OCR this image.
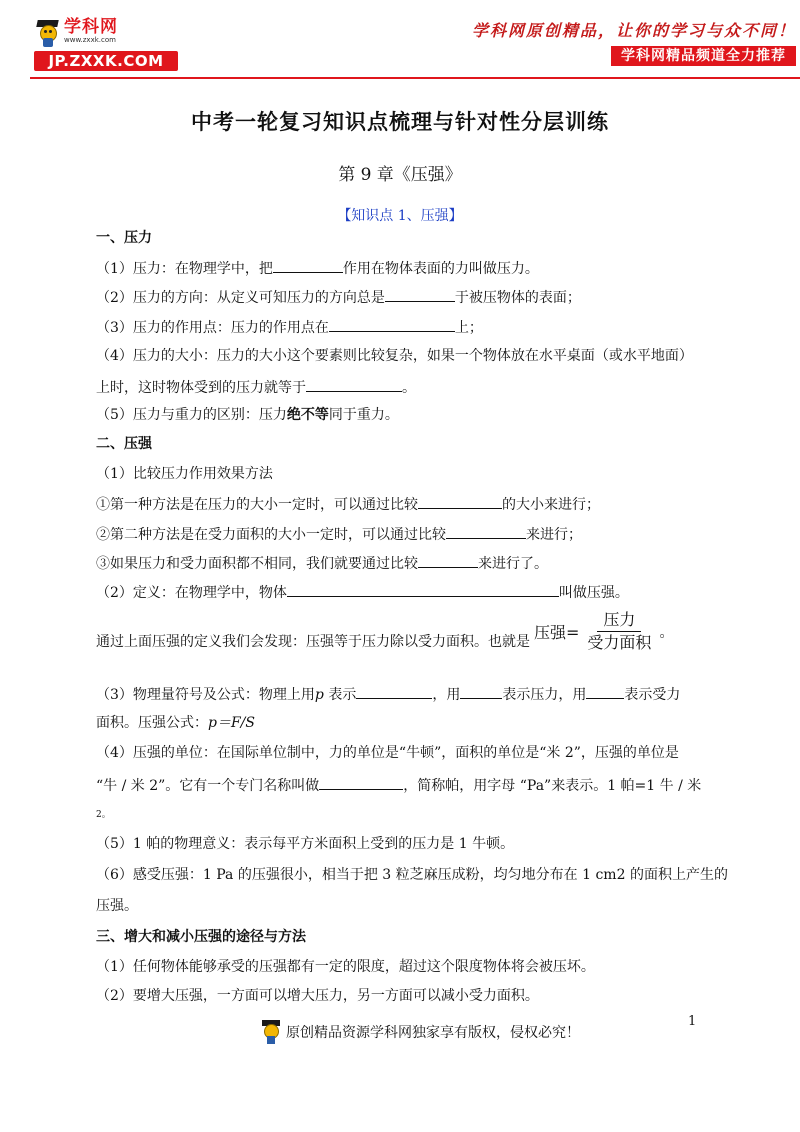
学科网
www.zxxk.com
JP.ZXXK.COM
学科网原创精品，让你的学习与众不同！
学科网精品频道全力推荐
中考一轮复习知识点梳理与针对性分层训练
第 9 章《压强》
【知识点 1、压强】
一、压力
（1）压力：在物理学中，把	作用在物体表面的力叫做压力。
（2）压力的方向：从定义可知压力的方向总是	于被压物体的表面；
（3）压力的作用点：压力的作用点在	上；
（4）压力的大小：压力的大小这个要素则比较复杂，如果一个物体放在水平桌面（或水平地面）
上时，这时物体受到的压力就等于	。
（5）压力与重力的区别：压力绝不等同于重力。
二、压强
（1）比较压力作用效果方法
①第一种方法是在压力的大小一定时，可以通过比较	的大小来进行；
②第二种方法是在受力面积的大小一定时，可以通过比较	来进行；
③如果压力和受力面积都不相同，我们就要通过比较	来进行了。
（2）定义：在物理学中，物体	叫做压强。
通过上面压强的定义我们会发现：压强等于压力除以受力面积。也就是 压强= $\frac{\text{压力}}{\text{受力面积}}$ 。
（3）物理量符号及公式：物理上用p 表示	，用	表示压力，用	表示受力
面积。压强公式：p＝F/S
（4）压强的单位：在国际单位制中，力的单位是“牛顿”，面积的单位是“米 2”，压强的单位是
“牛 / 米 2”。它有一个专门名称叫做	，简称帕，用字母 “Pa”来表示。1 帕=1 牛 / 米
2。
（5）1 帕的物理意义：表示每平方米面积上受到的压力是 1 牛顿。
（6）感受压强：1 Pa 的压强很小，相当于把 3 粒芝麻压成粉，均匀地分布在 1 cm2 的面积上产生的
压强。
三、增大和减小压强的途径与方法
（1）任何物体能够承受的压强都有一定的限度，超过这个限度物体将会被压坏。
（2）要增大压强，一方面可以增大压力，另一方面可以减小受力面积。
1
原创精品资源学科网独家享有版权，侵权必究！
